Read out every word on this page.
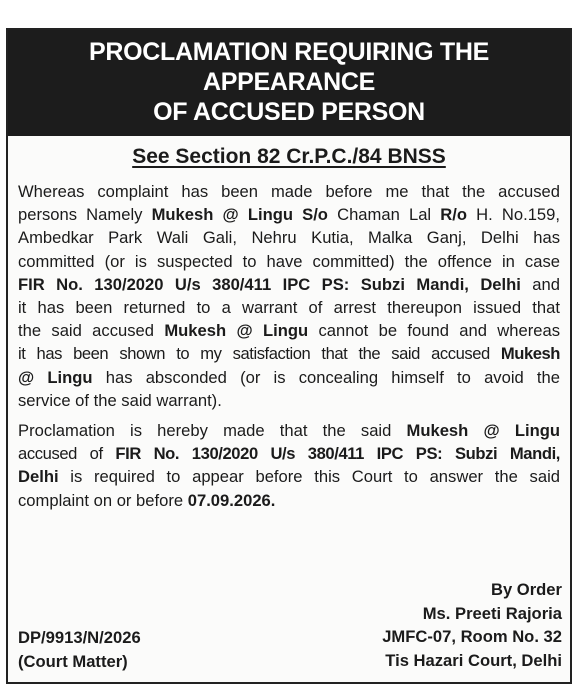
PROCLAMATION REQUIRING THE APPEARANCE
OF ACCUSED PERSON
See Section 82 Cr.P.C./84 BNSS
Whereas complaint has been made before me that the accused
persons Namely Mukesh @ Lingu S/o Chaman Lal R/o H. No.159,
Ambedkar Park Wali Gali, Nehru Kutia, Malka Ganj, Delhi has
committed (or is suspected to have committed) the offence in case
FIR No. 130/2020 U/s 380/411 IPC PS: Subzi Mandi, Delhi and
it has been returned to a warrant of arrest thereupon issued that
the said accused Mukesh @ Lingu cannot be found and whereas
it has been shown to my satisfaction that the said accused Mukesh
@ Lingu has absconded (or is concealing himself to avoid the
service of the said warrant).
Proclamation is hereby made that the said Mukesh @ Lingu
accused of FIR No. 130/2020 U/s 380/411 IPC PS: Subzi Mandi,
Delhi is required to appear before this Court to answer the said
complaint on or before 07.09.2026.
By Order
Ms. Preeti Rajoria
JMFC-07, Room No. 32
Tis Hazari Court, Delhi
DP/9913/N/2026
(Court Matter)
